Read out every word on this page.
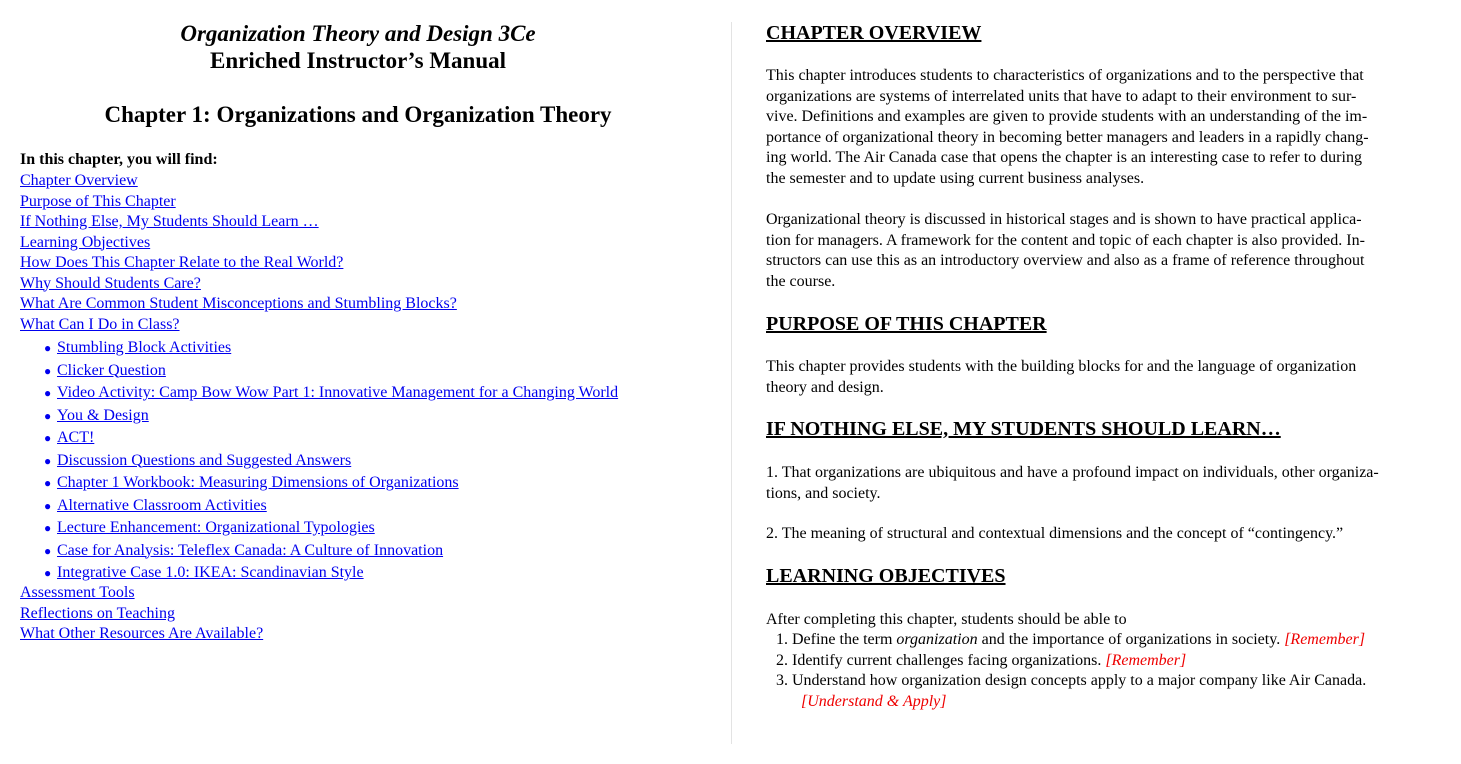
Organization Theory and Design 3Ce
Enriched Instructor’s Manual
Chapter 1: Organizations and Organization Theory
In this chapter, you will find:
Chapter Overview
Purpose of This Chapter
If Nothing Else, My Students Should Learn …
Learning Objectives
How Does This Chapter Relate to the Real World?
Why Should Students Care?
What Are Common Student Misconceptions and Stumbling Blocks?
What Can I Do in Class?
● Stumbling Block Activities
● Clicker Question
● Video Activity: Camp Bow Wow Part 1: Innovative Management for a Changing World
● You & Design
● ACT!
● Discussion Questions and Suggested Answers
● Chapter 1 Workbook: Measuring Dimensions of Organizations
● Alternative Classroom Activities
● Lecture Enhancement: Organizational Typologies
● Case for Analysis: Teleflex Canada: A Culture of Innovation
● Integrative Case 1.0: IKEA: Scandinavian Style
Assessment Tools
Reflections on Teaching
What Other Resources Are Available?
CHAPTER OVERVIEW
This chapter introduces students to characteristics of organizations and to the perspective that
organizations are systems of interrelated units that have to adapt to their environment to sur-
vive. Definitions and examples are given to provide students with an understanding of the im-
portance of organizational theory in becoming better managers and leaders in a rapidly chang-
ing world. The Air Canada case that opens the chapter is an interesting case to refer to during
the semester and to update using current business analyses.
Organizational theory is discussed in historical stages and is shown to have practical applica-
tion for managers. A framework for the content and topic of each chapter is also provided. In-
structors can use this as an introductory overview and also as a frame of reference throughout
the course.
PURPOSE OF THIS CHAPTER
This chapter provides students with the building blocks for and the language of organization
theory and design.
IF NOTHING ELSE, MY STUDENTS SHOULD LEARN…
1. That organizations are ubiquitous and have a profound impact on individuals, other organiza-
tions, and society.
2. The meaning of structural and contextual dimensions and the concept of “contingency.”
LEARNING OBJECTIVES
After completing this chapter, students should be able to
1. Define the term organization and the importance of organizations in society. [Remember]
2. Identify current challenges facing organizations. [Remember]
3. Understand how organization design concepts apply to a major company like Air Canada.
[Understand & Apply]
